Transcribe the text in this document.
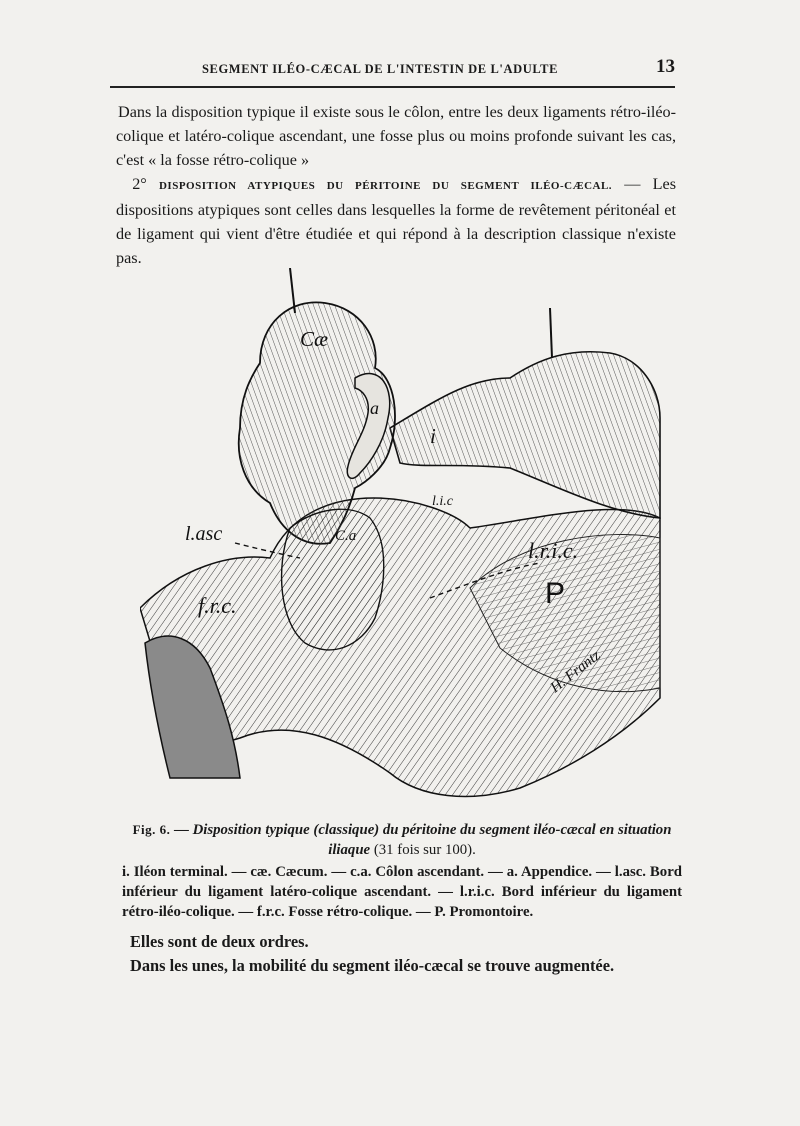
SEGMENT ILÉO-CÆCAL DE L'INTESTIN DE L'ADULTE	13

Dans la disposition typique il existe sous le côlon, entre les deux ligaments rétro-iléo-colique et latéro-colique ascendant, une fosse plus ou moins profonde suivant les cas, c'est « la fosse rétro-colique »

 2° DISPOSITION ATYPIQUES DU PÉRITOINE DU SEGMENT ILÉO-CÆCAL. — Les dispositions atypiques sont celles dans lesquelles la forme de revêtement péritonéal et de ligament qui vient d'être étudiée et qui répond à la description classique n'existe pas.

Cæ
a
i
l.i.c
C.a
l.asc
l.r.i.c.
P
f.r.c.
H. Frantz
Fig. 6. — Disposition typique (classique) du péritoine du segment iléo-cæcal en situation iliaque (31 fois sur 100).
i. Iléon terminal. — cæ. Cæcum. — c.a. Côlon ascendant. — a. Appendice. — l.asc. Bord inférieur du ligament latéro-colique ascendant. — l.r.i.c. Bord inférieur du ligament rétro-iléo-colique. — f.r.c. Fosse rétro-colique. — P. Promontoire.

Elles sont de deux ordres.

Dans les unes, la mobilité du segment iléo-cæcal se trouve augmentée.
